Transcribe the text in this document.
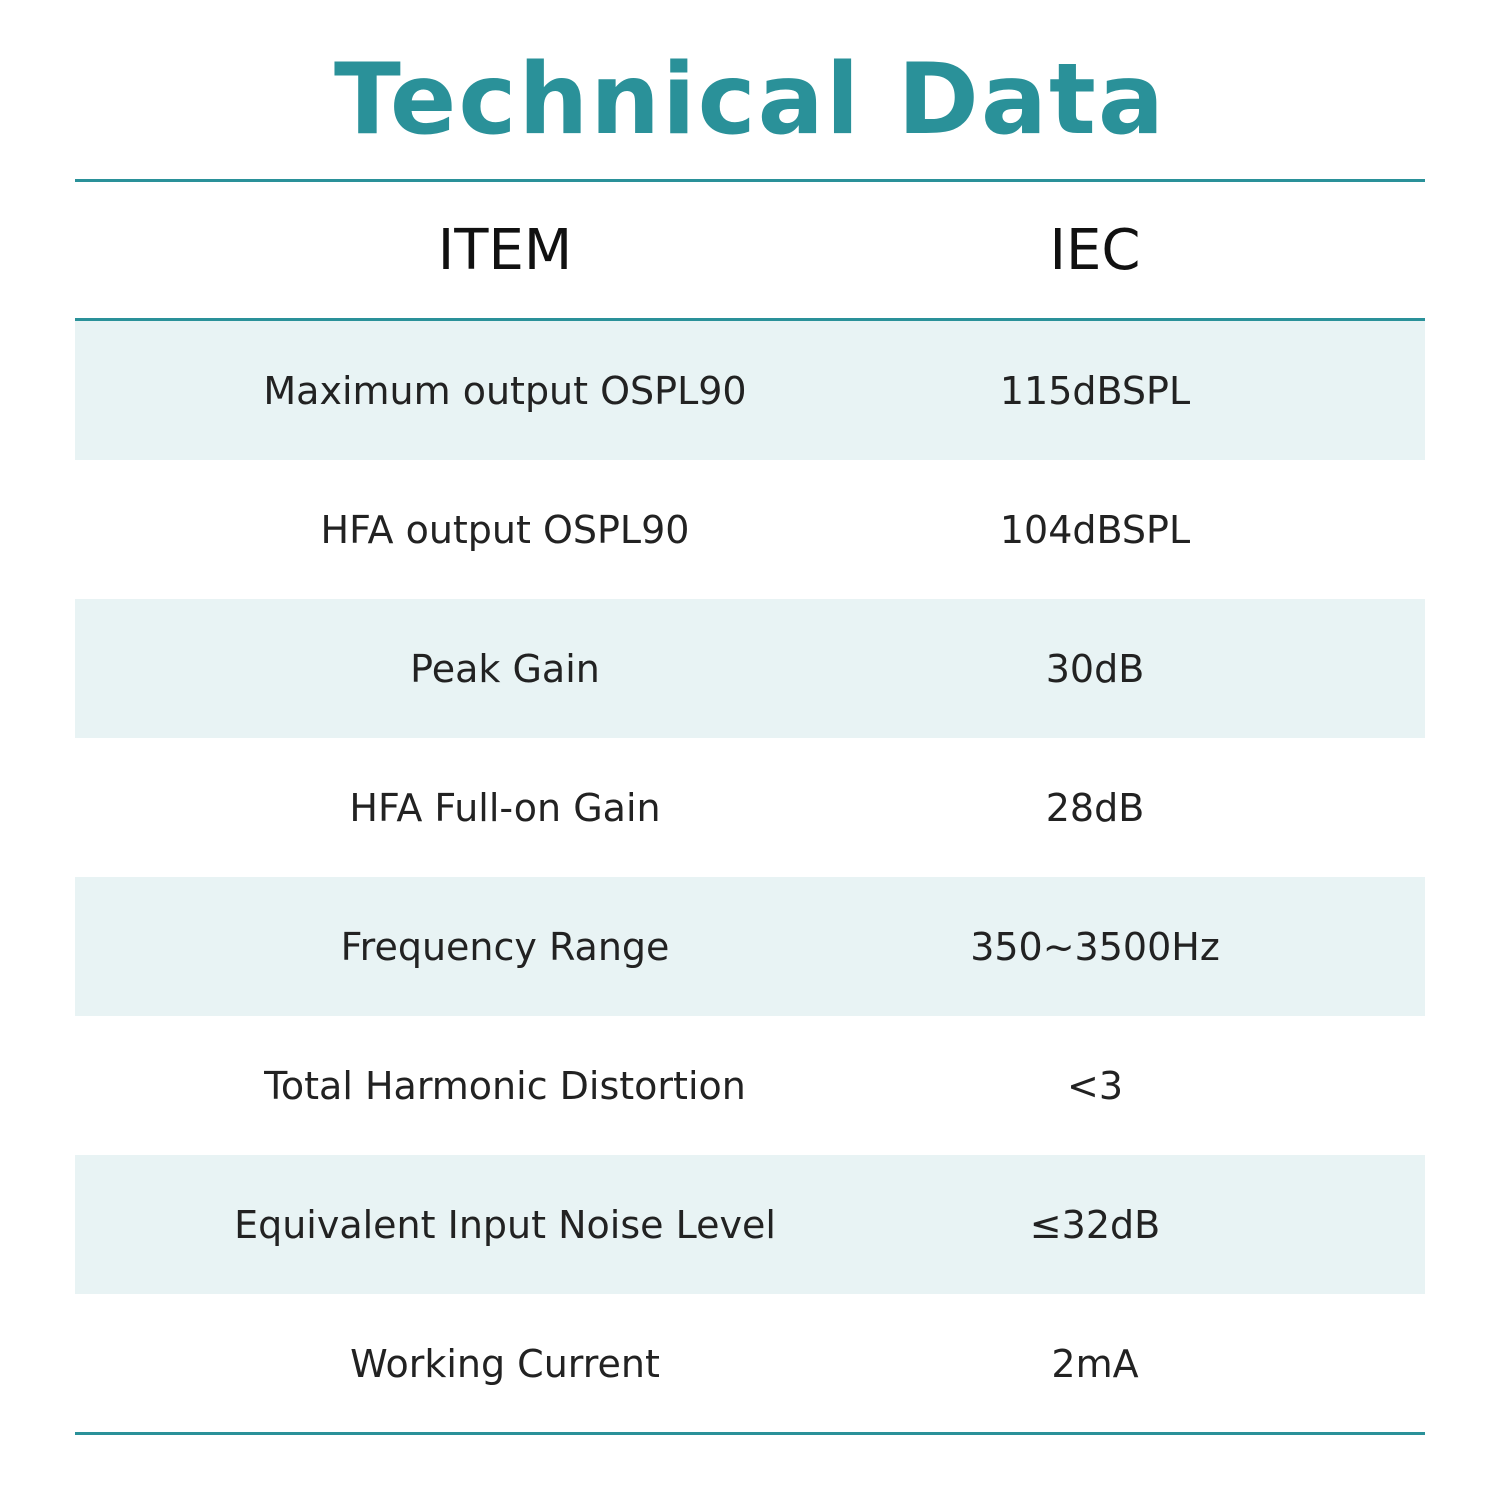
Technical Data
ITEM	IEC
Maximum output OSPL90	115dBSPL
HFA output OSPL90	104dBSPL
Peak Gain	30dB
HFA Full-on Gain	28dB
Frequency Range	350~3500Hz
Total Harmonic Distortion	<3
Equivalent Input Noise Level	≤32dB
Working Current	2mA
